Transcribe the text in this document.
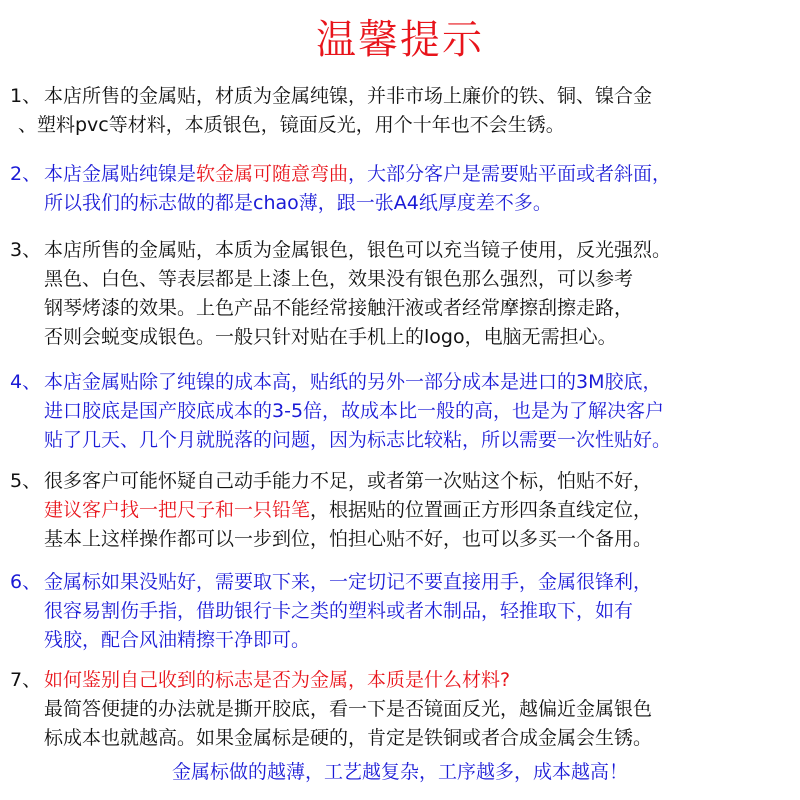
温馨提示
1、 本店所售的金属贴，材质为金属纯镍，并非市场上廉价的铁、铜、镍合金
、塑料pvc等材料，本质银色，镜面反光，用个十年也不会生锈。
2、 本店金属贴纯镍是软金属可随意弯曲，大部分客户是需要贴平面或者斜面，
所以我们的标志做的都是chao薄，跟一张A4纸厚度差不多。
3、 本店所售的金属贴，本质为金属银色，银色可以充当镜子使用，反光强烈。
黑色、白色、等表层都是上漆上色，效果没有银色那么强烈，可以参考
钢琴烤漆的效果。上色产品不能经常接触汗液或者经常摩擦刮擦走路，
否则会蜕变成银色。一般只针对贴在手机上的logo，电脑无需担心。
4、 本店金属贴除了纯镍的成本高，贴纸的另外一部分成本是进口的3M胶底，
进口胶底是国产胶底成本的3-5倍，故成本比一般的高，也是为了解决客户
贴了几天、几个月就脱落的问题，因为标志比较粘，所以需要一次性贴好。
5、 很多客户可能怀疑自己动手能力不足，或者第一次贴这个标，怕贴不好，
建议客户找一把尺子和一只铅笔，根据贴的位置画正方形四条直线定位，
基本上这样操作都可以一步到位，怕担心贴不好，也可以多买一个备用。
6、 金属标如果没贴好，需要取下来，一定切记不要直接用手，金属很锋利，
很容易割伤手指，借助银行卡之类的塑料或者木制品，轻推取下，如有
残胶，配合风油精擦干净即可。
7、 如何鉴别自己收到的标志是否为金属，本质是什么材料?
最简答便捷的办法就是撕开胶底，看一下是否镜面反光，越偏近金属银色
标成本也就越高。如果金属标是硬的，肯定是铁铜或者合成金属会生锈。
金属标做的越薄，工艺越复杂，工序越多，成本越高！
